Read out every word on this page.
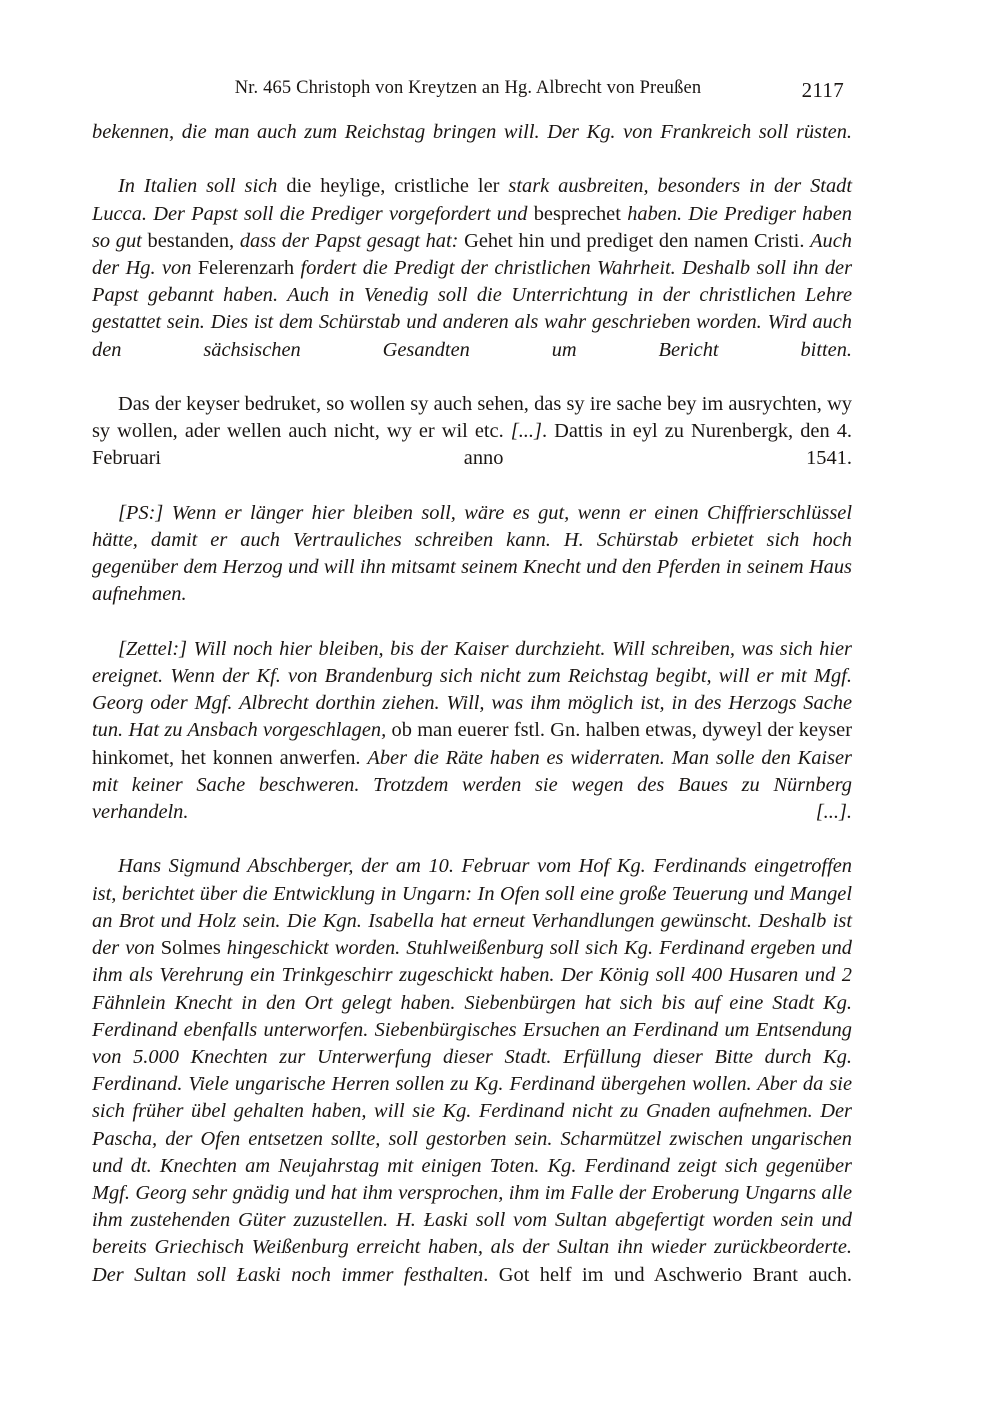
Nr. 465 Christoph von Kreytzen an Hg. Albrecht von Preußen	2117

bekennen, die man auch zum Reichstag bringen will. Der Kg. von Frankreich soll rüsten.

In Italien soll sich die heylige, cristliche ler stark ausbreiten, besonders in der Stadt Lucca. Der Papst soll die Prediger vorgefordert und besprechet haben. Die Prediger haben so gut bestanden, dass der Papst gesagt hat: Gehet hin und prediget den namen Cristi. Auch der Hg. von Felerenzarh fordert die Predigt der christlichen Wahrheit. Deshalb soll ihn der Papst gebannt haben. Auch in Venedig soll die Unterrichtung in der christlichen Lehre gestattet sein. Dies ist dem Schürstab und anderen als wahr geschrieben worden. Wird auch den sächsischen Gesandten um Bericht bitten.

Das der keyser bedruket, so wollen sy auch sehen, das sy ire sache bey im ausrychten, wy sy wollen, ader wellen auch nicht, wy er wil etc. [...]. Dattis in eyl zu Nurenbergk, den 4. Februari anno 1541.

[PS:] Wenn er länger hier bleiben soll, wäre es gut, wenn er einen Chiffrierschlüssel hätte, damit er auch Vertrauliches schreiben kann. H. Schürstab erbietet sich hoch gegenüber dem Herzog und will ihn mitsamt seinem Knecht und den Pferden in seinem Haus aufnehmen.

[Zettel:] Will noch hier bleiben, bis der Kaiser durchzieht. Will schreiben, was sich hier ereignet. Wenn der Kf. von Brandenburg sich nicht zum Reichstag begibt, will er mit Mgf. Georg oder Mgf. Albrecht dorthin ziehen. Will, was ihm möglich ist, in des Herzogs Sache tun. Hat zu Ansbach vorgeschlagen, ob man euerer fstl. Gn. halben etwas, dyweyl der keyser hinkomet, het konnen anwerfen. Aber die Räte haben es widerraten. Man solle den Kaiser mit keiner Sache beschweren. Trotzdem werden sie wegen des Baues zu Nürnberg verhandeln. [...].

Hans Sigmund Abschberger, der am 10. Februar vom Hof Kg. Ferdinands eingetroffen ist, berichtet über die Entwicklung in Ungarn: In Ofen soll eine große Teuerung und Mangel an Brot und Holz sein. Die Kgn. Isabella hat erneut Verhandlungen gewünscht. Deshalb ist der von Solmes hingeschickt worden. Stuhlweißenburg soll sich Kg. Ferdinand ergeben und ihm als Verehrung ein Trinkgeschirr zugeschickt haben. Der König soll 400 Husaren und 2 Fähnlein Knecht in den Ort gelegt haben. Siebenbürgen hat sich bis auf eine Stadt Kg. Ferdinand ebenfalls unterworfen. Siebenbürgisches Ersuchen an Ferdinand um Entsendung von 5.000 Knechten zur Unterwerfung dieser Stadt. Erfüllung dieser Bitte durch Kg. Ferdinand. Viele ungarische Herren sollen zu Kg. Ferdinand übergehen wollen. Aber da sie sich früher übel gehalten haben, will sie Kg. Ferdinand nicht zu Gnaden aufnehmen. Der Pascha, der Ofen entsetzen sollte, soll gestorben sein. Scharmützel zwischen ungarischen und dt. Knechten am Neujahrstag mit einigen Toten. Kg. Ferdinand zeigt sich gegenüber Mgf. Georg sehr gnädig und hat ihm versprochen, ihm im Falle der Eroberung Ungarns alle ihm zustehenden Güter zuzustellen. H. Łaski soll vom Sultan abgefertigt worden sein und bereits Griechisch Weißenburg erreicht haben, als der Sultan ihn wieder zurückbeorderte. Der Sultan soll Łaski noch immer festhalten. Got helf im und Aschwerio Brant auch.
